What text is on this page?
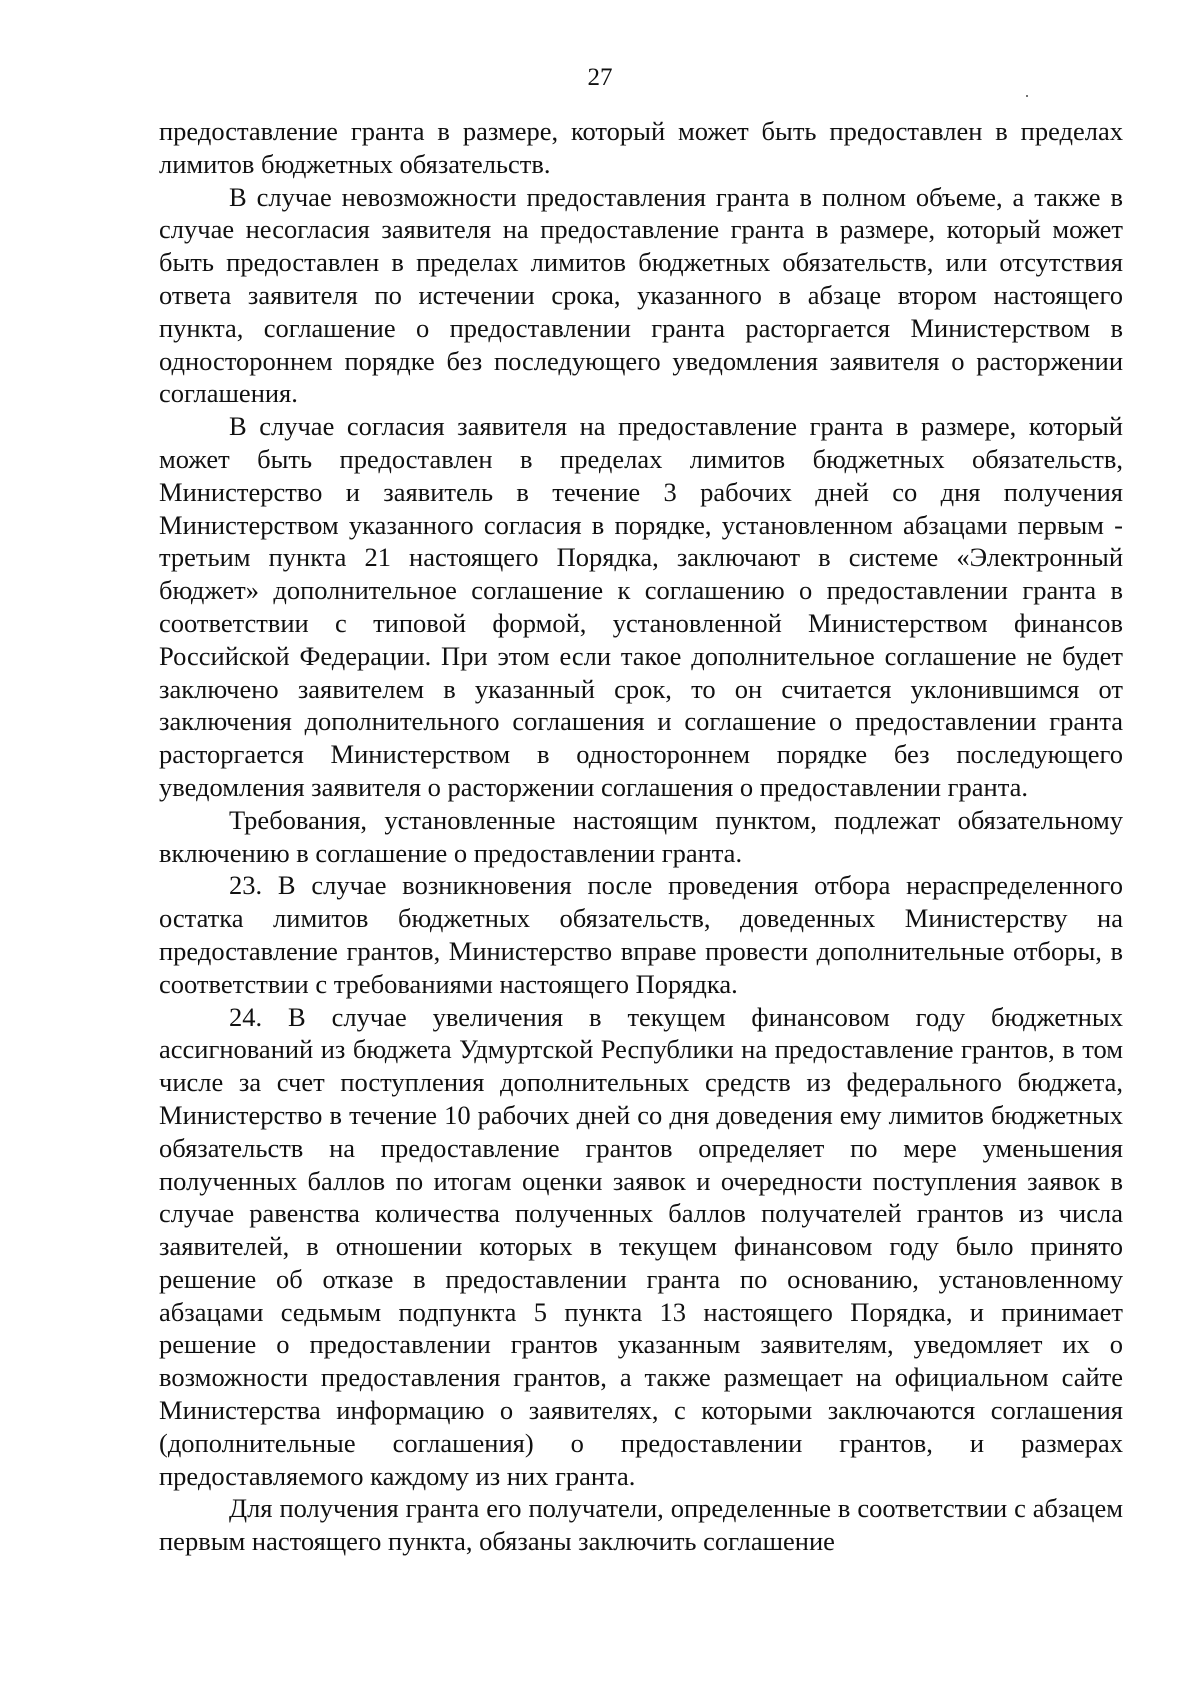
27

предоставление гранта в размере, который может быть предоставлен в пределах лимитов бюджетных обязательств.

В случае невозможности предоставления гранта в полном объеме, а также в случае несогласия заявителя на предоставление гранта в размере, который может быть предоставлен в пределах лимитов бюджетных обязательств, или отсутствия ответа заявителя по истечении срока, указанного в абзаце втором настоящего пункта, соглашение о предоставлении гранта расторгается Министерством в одностороннем порядке без последующего уведомления заявителя о расторжении соглашения.

В случае согласия заявителя на предоставление гранта в размере, который может быть предоставлен в пределах лимитов бюджетных обязательств, Министерство и заявитель в течение 3 рабочих дней со дня получения Министерством указанного согласия в порядке, установленном абзацами первым - третьим пункта 21 настоящего Порядка, заключают в системе «Электронный бюджет» дополнительное соглашение к соглашению о предоставлении гранта в соответствии с типовой формой, установленной Министерством финансов Российской Федерации. При этом если такое дополнительное соглашение не будет заключено заявителем в указанный срок, то он считается уклонившимся от заключения дополнительного соглашения и соглашение о предоставлении гранта расторгается Министерством в одностороннем порядке без последующего уведомления заявителя о расторжении соглашения о предоставлении гранта.

Требования, установленные настоящим пунктом, подлежат обязательному включению в соглашение о предоставлении гранта.

23. В случае возникновения после проведения отбора нераспределенного остатка лимитов бюджетных обязательств, доведенных Министерству на предоставление грантов, Министерство вправе провести дополнительные отборы, в соответствии с требованиями настоящего Порядка.

24. В случае увеличения в текущем финансовом году бюджетных ассигнований из бюджета Удмуртской Республики на предоставление грантов, в том числе за счет поступления дополнительных средств из федерального бюджета, Министерство в течение 10 рабочих дней со дня доведения ему лимитов бюджетных обязательств на предоставление грантов определяет по мере уменьшения полученных баллов по итогам оценки заявок и очередности поступления заявок в случае равенства количества полученных баллов получателей грантов из числа заявителей, в отношении которых в текущем финансовом году было принято решение об отказе в предоставлении гранта по основанию, установленному абзацами седьмым подпункта 5 пункта 13 настоящего Порядка, и принимает решение о предоставлении грантов указанным заявителям, уведомляет их о возможности предоставления грантов, а также размещает на официальном сайте Министерства информацию о заявителях, с которыми заключаются соглашения (дополнительные соглашения) о предоставлении грантов, и размерах предоставляемого каждому из них гранта.

Для получения гранта его получатели, определенные в соответствии с абзацем первым настоящего пункта, обязаны заключить соглашение
